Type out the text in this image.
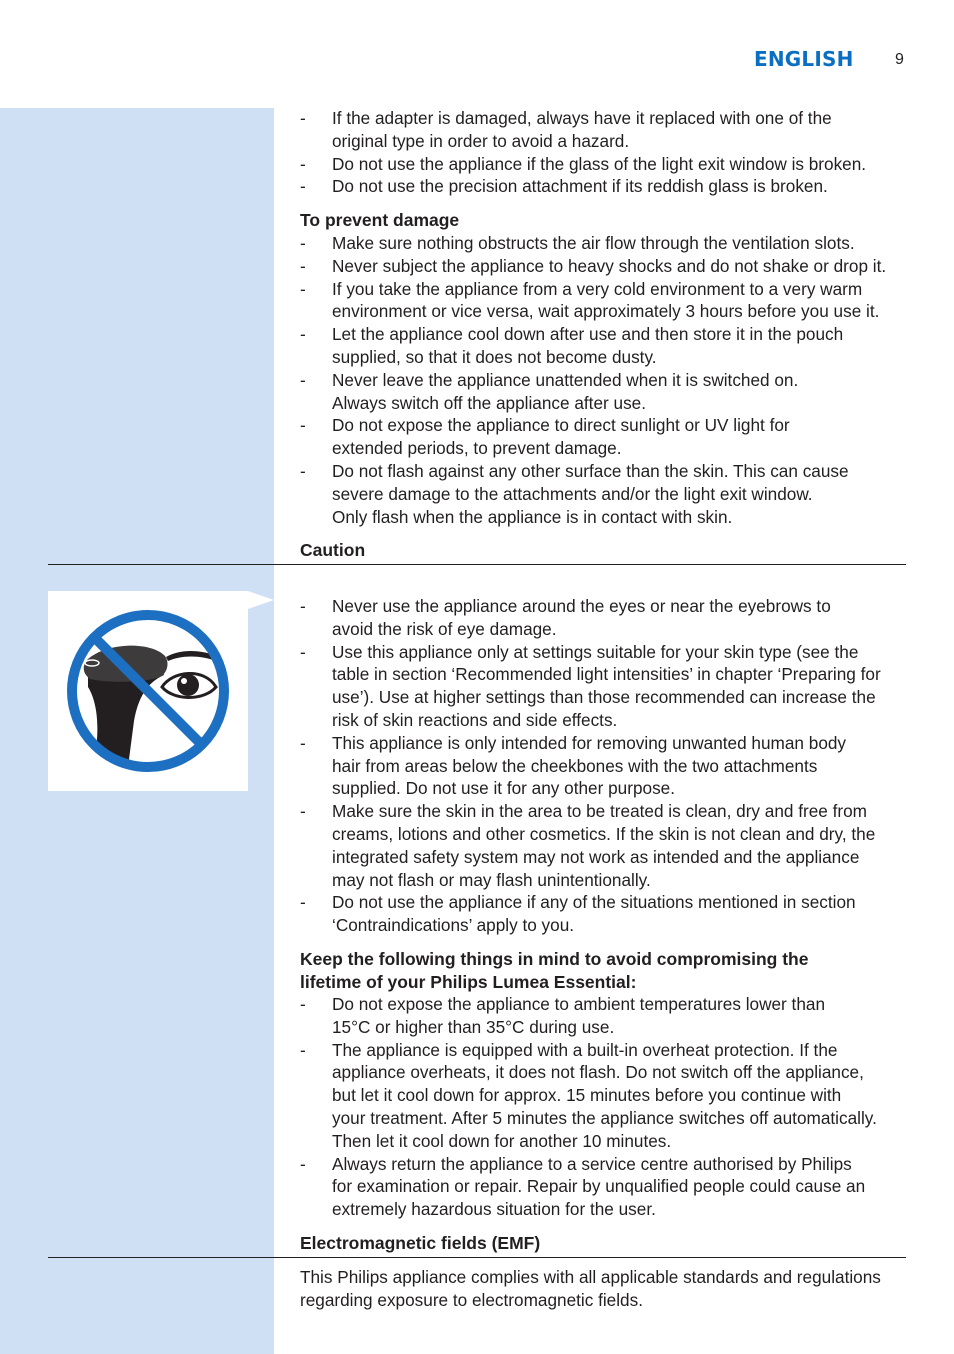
ENGLISH	9
- If the adapter is damaged, always have it replaced with one of the
original type in order to avoid a hazard.
- Do not use the appliance if the glass of the light exit window is broken.
- Do not use the precision attachment if its reddish glass is broken.
To prevent damage
- Make sure nothing obstructs the air flow through the ventilation slots.
- Never subject the appliance to heavy shocks and do not shake or drop it.
- If you take the appliance from a very cold environment to a very warm
environment or vice versa, wait approximately 3 hours before you use it.
- Let the appliance cool down after use and then store it in the pouch
supplied, so that it does not become dusty.
- Never leave the appliance unattended when it is switched on.
Always switch off the appliance after use.
- Do not expose the appliance to direct sunlight or UV light for
extended periods, to prevent damage.
- Do not flash against any other surface than the skin. This can cause
severe damage to the attachments and/or the light exit window.
Only flash when the appliance is in contact with skin.
Caution
- Never use the appliance around the eyes or near the eyebrows to
avoid the risk of eye damage.
- Use this appliance only at settings suitable for your skin type (see the
table in section ‘Recommended light intensities’ in chapter ‘Preparing for
use’). Use at higher settings than those recommended can increase the
risk of skin reactions and side effects.
- This appliance is only intended for removing unwanted human body
hair from areas below the cheekbones with the two attachments
supplied. Do not use it for any other purpose.
- Make sure the skin in the area to be treated is clean, dry and free from
creams, lotions and other cosmetics. If the skin is not clean and dry, the
integrated safety system may not work as intended and the appliance
may not flash or may flash unintentionally.
- Do not use the appliance if any of the situations mentioned in section
‘Contraindications’ apply to you.
Keep the following things in mind to avoid compromising the
lifetime of your Philips Lumea Essential:
- Do not expose the appliance to ambient temperatures lower than
15°C or higher than 35°C during use.
- The appliance is equipped with a built-in overheat protection. If the
appliance overheats, it does not flash. Do not switch off the appliance,
but let it cool down for approx. 15 minutes before you continue with
your treatment. After 5 minutes the appliance switches off automatically.
Then let it cool down for another 10 minutes.
- Always return the appliance to a service centre authorised by Philips
for examination or repair. Repair by unqualified people could cause an
extremely hazardous situation for the user.
Electromagnetic fields (EMF)
This Philips appliance complies with all applicable standards and regulations
regarding exposure to electromagnetic fields.
